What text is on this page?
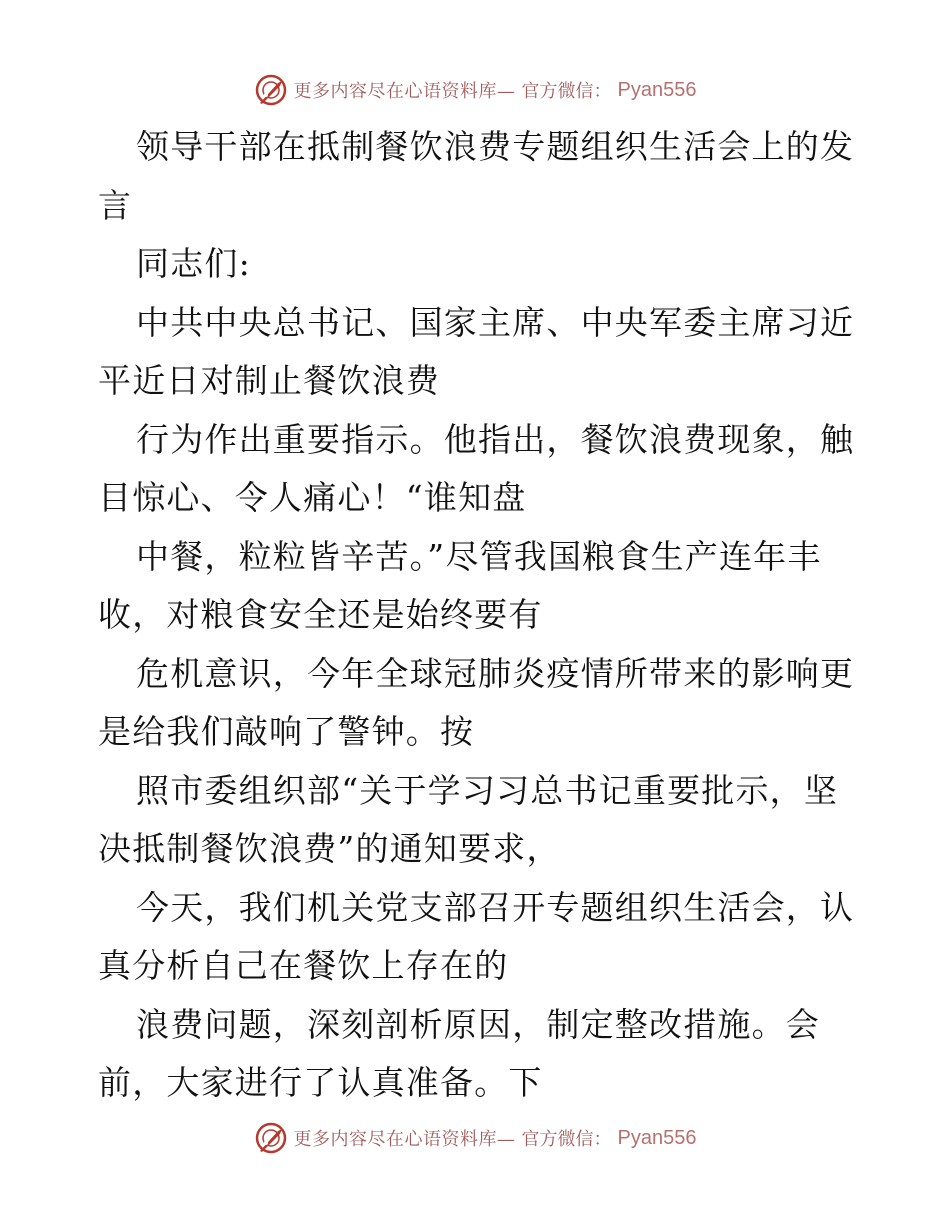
更多内容尽在心语资料库— 官方微信： Pyan556
领导干部在抵制餐饮浪费专题组织生活会上的发
言
同志们:
中共中央总书记、国家主席、中央军委主席习近
平近日对制止餐饮浪费
行为作出重要指示。他指出，餐饮浪费现象，触
目惊心、令人痛心！“谁知盘
中餐，粒粒皆辛苦。”尽管我国粮食生产连年丰
收，对粮食安全还是始终要有
危机意识，今年全球冠肺炎疫情所带来的影响更
是给我们敲响了警钟。按
照市委组织部“关于学习习总书记重要批示，坚
决抵制餐饮浪费”的通知要求，
今天，我们机关党支部召开专题组织生活会，认
真分析自己在餐饮上存在的
浪费问题，深刻剖析原因，制定整改措施。会
前，大家进行了认真准备。下
更多内容尽在心语资料库— 官方微信： Pyan556
